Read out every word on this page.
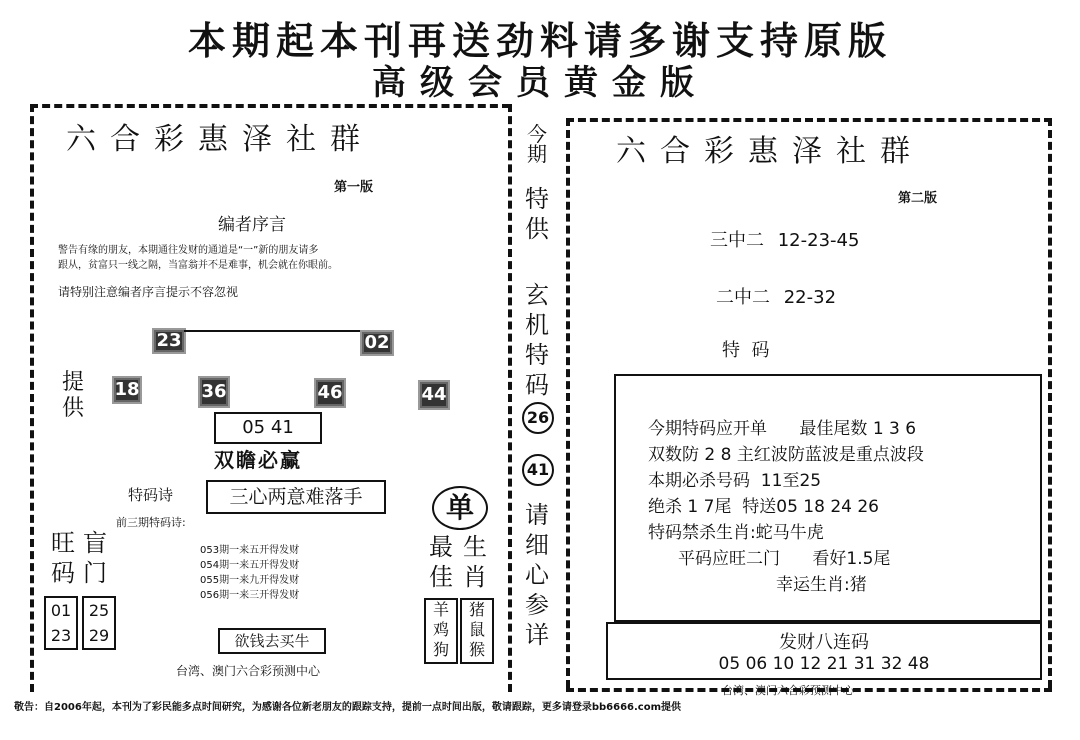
本期起本刊再送劲料请多谢支持原版
高级会员黄金版
六合彩惠泽社群
第一版
编者序言
警告有缘的朋友，本期通往发财的通道是“一”新的朋友请多
跟从，贫富只一线之隔，当富翁并不是难事，机会就在你眼前。
请特别注意编者序言提示不容忽视
23	02
提
供
18	36	46	44
05 41
双瞻必赢
特码诗	三心两意难落手
前三期特码诗:
053期一来五开得发财
054期一来五开得发财
055期一来九开得发财
056期一来三开得发财
旺
码
盲
门
01
23
25
29	欲钱去买牛
台湾、澳门六合彩预测中心
单
最
佳
生
肖
羊
鸡
狗
猪
鼠
猴
今
期
特
供
玄
机
特
码
26
41
请
细
心
参
详
六合彩惠泽社群
第二版
三中二 12-23-45
二中二 22-32
特  码
今期特码应开单      最佳尾数 1 3 6
双数防 2 8 主红波防蓝波是重点波段
本期必杀号码  11至25
绝杀 1 7尾  特送05 18 24 26
特码禁杀生肖:蛇马牛虎
平码应旺二门      看好1.5尾
幸运生肖:猪
发财八连码
05 06 10 12 21 31 32 48
台湾、澳门六合彩预测中心
敬告：自2006年起，本刊为了彩民能多点时间研究，为感谢各位新老朋友的跟踪支持，提前一点时间出版，敬请跟踪，更多请登录bb6666.com提供
